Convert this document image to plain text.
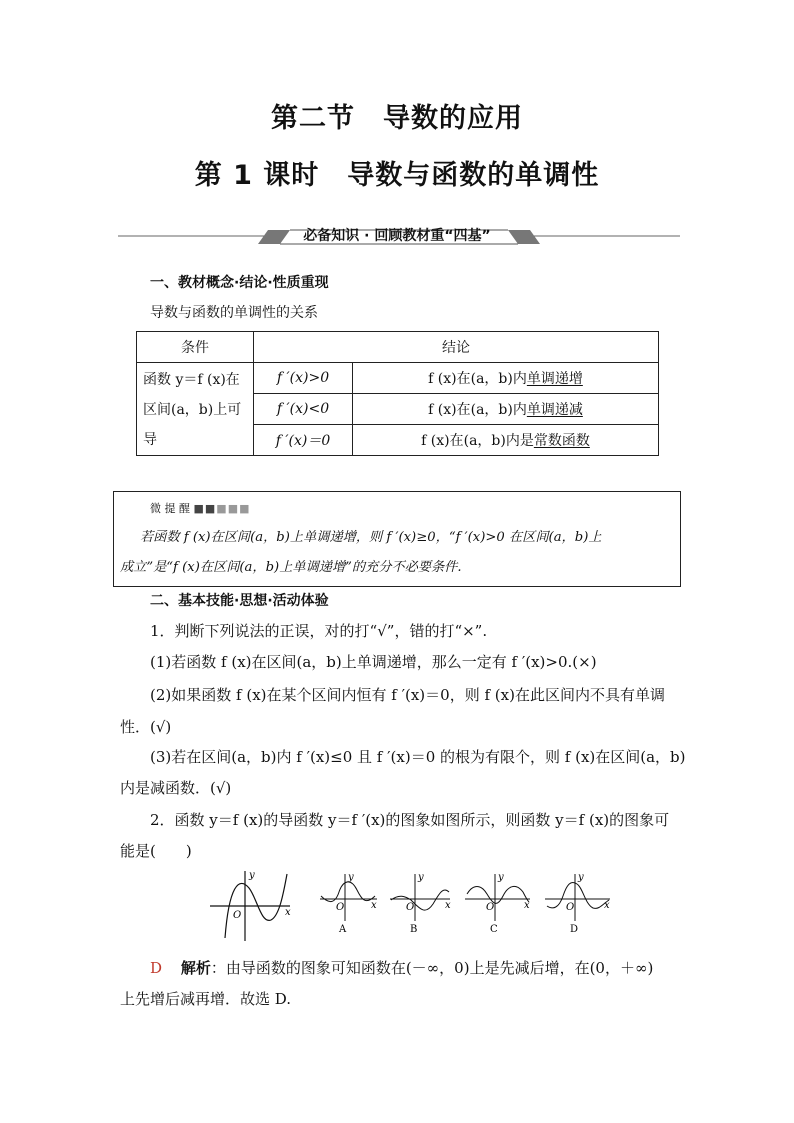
第二节　导数的应用
第 1 课时　导数与函数的单调性
必备知识 · 回顾教材重“四基”
一、教材概念·结论·性质重现
导数与函数的单调性的关系
条件	结论	

函数 y＝f (x)在
区间(a，b)上可
导	f ′(x)>0	f (x)在(a，b)内单调递增
	f ′(x)<0	f (x)在(a，b)内单调递减
	f ′(x)＝0	f (x)在(a，b)内是常数函数
微 提 醒 ■■■■■
若函数 f (x)在区间(a，b)上单调递增，则 f ′(x)≥0，“f ′(x)>0 在区间(a，b)上
成立”是“f (x)在区间(a，b)上单调递增”的充分不必要条件.
二、基本技能·思想·活动体验
1．判断下列说法的正误，对的打“√”，错的打“×”.
(1)若函数 f (x)在区间(a，b)上单调递增，那么一定有 f ′(x)>0.(×)
(2)如果函数 f (x)在某个区间内恒有 f ′(x)＝0，则 f (x)在此区间内不具有单调
性．(√)
(3)若在区间(a，b)内 f ′(x)≤0 且 f ′(x)＝0 的根为有限个，则 f (x)在区间(a，b)
内是减函数．(√)
2．函数 y＝f (x)的导函数 y＝f ′(x)的图象如图所示，则函数 y＝f (x)的图象可
能是(　　)
y
x
O
y
x
O
A
y
x
O
B
y
x
O
C
y
x
O
D
D 解析：由导函数的图象可知函数在(－∞，0)上是先减后增，在(0，＋∞)
上先增后减再增．故选 D.
